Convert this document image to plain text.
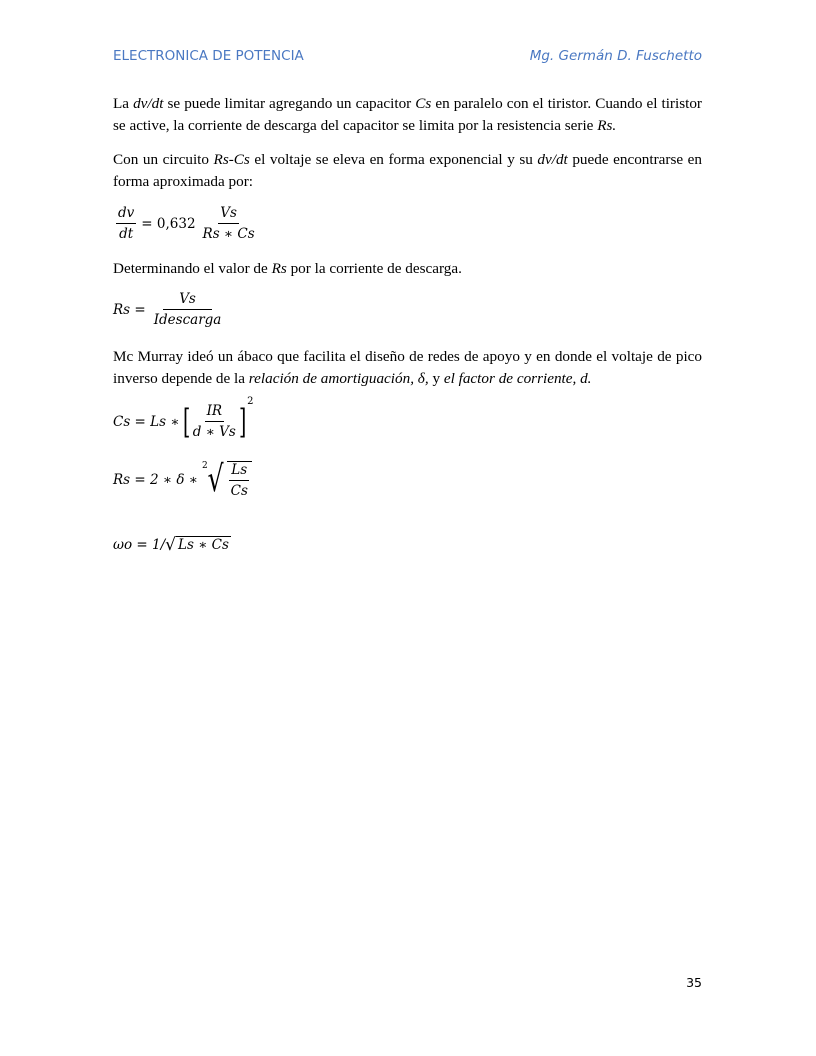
ELECTRONICA DE POTENCIA	Mg. Germán D. Fuschetto

La dv/dt se puede limitar agregando un capacitor Cs en paralelo con el tiristor. Cuando el tiristor se active, la corriente de descarga del capacitor se limita por la resistencia serie Rs.

Con un circuito Rs-Cs el voltaje se eleva en forma exponencial y su dv/dt puede encontrarse en forma aproximada por:

$\frac{dv}{dt} = 0,632 \frac{Vs}{Rs ∗ Cs}$

Determinando el valor de Rs por la corriente de descarga.

$Rs = \frac{Vs}{\text{Idescarga}}$

Mc Murray ideó un ábaco que facilita el diseño de redes de apoyo y en donde el voltaje de pico inverso depende de la relación de amortiguación, δ, y el factor de corriente, d.

Cs = Ls ∗ [ $\frac{IR}{d ∗ Vs}$ ] 2
Rs = 2 ∗ δ ∗
2 √ $\frac{Ls}{Cs}$
ωo = 1/ √ Ls ∗ Cs
35
